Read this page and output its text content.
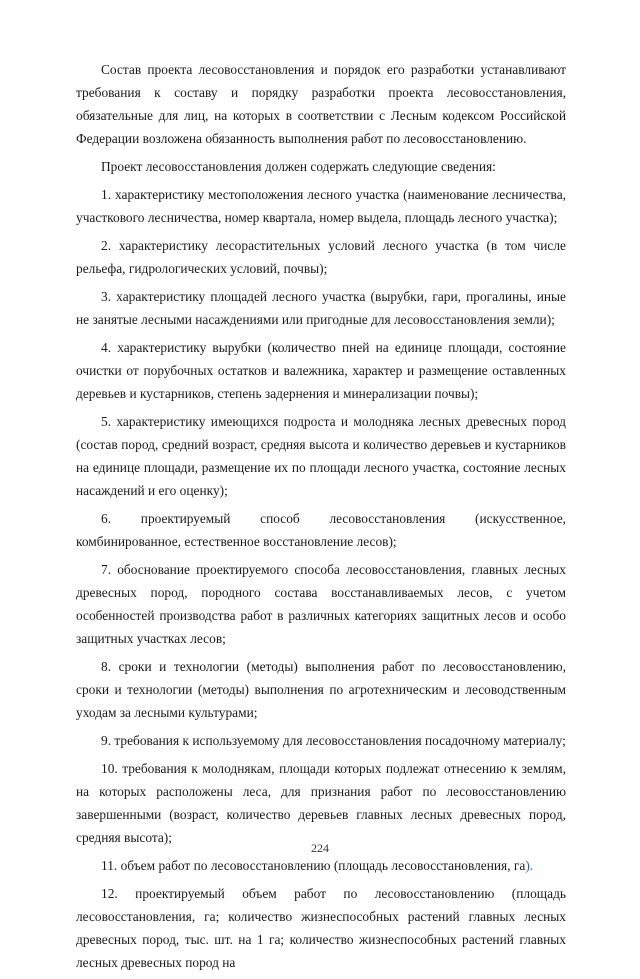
Состав проекта лесовосстановления и порядок его разработки устанавливают требования к составу и порядку разработки проекта лесовосстановления, обязательные для лиц, на которых в соответствии с Лесным кодексом Российской Федерации возложена обязанность выполнения работ по лесовосстановлению.

Проект лесовосстановления должен содержать следующие сведения:

1. характеристику местоположения лесного участка (наименование лесничества, участкового лесничества, номер квартала, номер выдела, площадь лесного участка);

2. характеристику лесорастительных условий лесного участка (в том числе рельефа, гидрологических условий, почвы);

3. характеристику площадей лесного участка (вырубки, гари, прогалины, иные не занятые лесными насаждениями или пригодные для лесовосстановления земли);

4. характеристику вырубки (количество пней на единице площади, состояние очистки от порубочных остатков и валежника, характер и размещение оставленных деревьев и кустарников, степень задернения и минерализации почвы);

5. характеристику имеющихся подроста и молодняка лесных древесных пород (состав пород, средний возраст, средняя высота и количество деревьев и кустарников на единице площади, размещение их по площади лесного участка, состояние лесных насаждений и его оценку);

6. проектируемый способ лесовосстановления (искусственное, комбинированное, естественное восстановление лесов);

7. обоснование проектируемого способа лесовосстановления, главных лесных древесных пород, породного состава восстанавливаемых лесов, с учетом особенностей производства работ в различных категориях защитных лесов и особо защитных участках лесов;

8. сроки и технологии (методы) выполнения работ по лесовосстановлению, сроки и технологии (методы) выполнения по агротехническим и лесоводственным уходам за лесными культурами;

9. требования к используемому для лесовосстановления посадочному материалу;

10. требования к молоднякам, площади которых подлежат отнесению к землям, на которых расположены леса, для признания работ по лесовосстановлению завершенными (возраст, количество деревьев главных лесных древесных пород, средняя высота);

11. объем работ по лесовосстановлению (площадь лесовосстановления, га).

12. проектируемый объем работ по лесовосстановлению (площадь лесовосстановления, га; количество жизнеспособных растений главных лесных древесных пород, тыс. шт. на 1 га; количество жизнеспособных растений главных лесных древесных пород на

224
